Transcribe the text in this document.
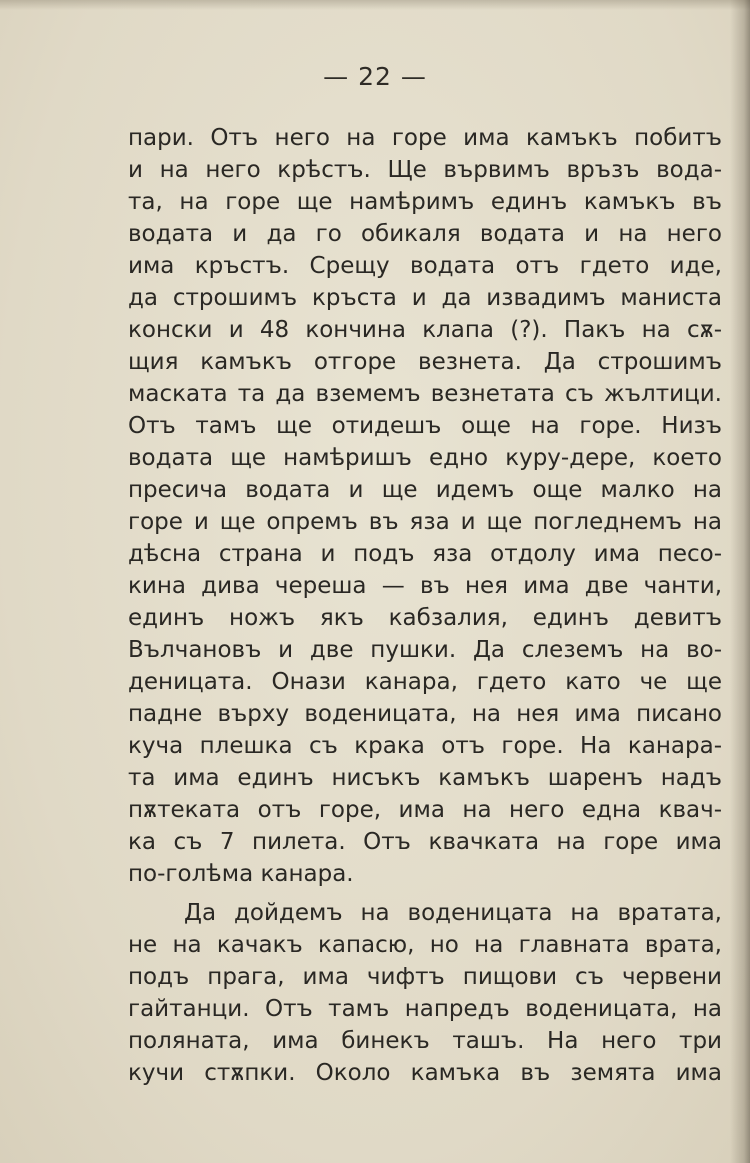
— 22 —
пари. Отъ него на горе има камъкъ побитъ
и на него крѣстъ. Ще вървимъ връзъ вода-
та, на горе ще намѣримъ единъ камъкъ въ
водата и да го обикаля водата и на него
има кръстъ. Срещу водата отъ гдето иде,
да строшимъ кръста и да извадимъ маниста
конски и 48 кончина клапа (?). Пакъ на сѫ-
щия камъкъ отгоре везнета. Да строшимъ
маската та да вземемъ везнетата съ жълтици.
Отъ тамъ ще отидешъ още на горе. Низъ
водата ще намѣришъ едно куру-дере, което
пресича водата и ще идемъ още малко на
горе и ще опремъ въ яза и ще погледнемъ на
дѣсна страна и подъ яза отдолу има песо-
кина дива череша — въ нея има две чанти,
единъ ножъ якъ кабзалия, единъ девитъ
Вълчановъ и две пушки. Да слеземъ на во-
деницата. Онази канара, гдето като че ще
падне върху воденицата, на нея има писано
куча плешка съ крака отъ горе. На канара-
та има единъ нисъкъ камъкъ шаренъ надъ
пѫтеката отъ горе, има на него една квач-
ка съ 7 пилета. Отъ квачката на горе има
по-голѣма канара.
Да дойдемъ на воденицата на вратата,
не на качакъ капасю, но на главната врата,
подъ прага, има чифтъ пищови съ червени
гайтанци. Отъ тамъ напредъ воденицата, на
поляната, има бинекъ ташъ. На него три
кучи стѫпки. Около камъка въ земята има
